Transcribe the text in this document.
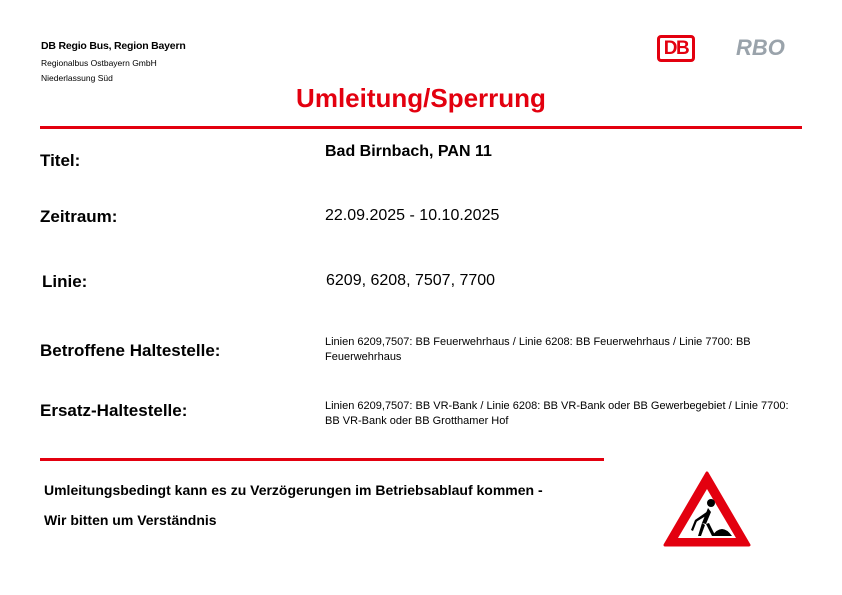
DB Regio Bus, Region Bayern
Regionalbus Ostbayern GmbH
Niederlassung Süd
DB	RBO
Umleitung/Sperrung
Titel:	Bad Birnbach, PAN 11
Zeitraum:	22.09.2025 - 10.10.2025
Linie:	6209, 6208, 7507, 7700
Betroffene Haltestelle:	Linien 6209,7507: BB Feuerwehrhaus / Linie 6208: BB Feuerwehrhaus / Linie 7700: BB Feuerwehrhaus
Ersatz-Haltestelle:	Linien 6209,7507: BB VR-Bank / Linie 6208: BB VR-Bank oder BB Gewerbegebiet / Linie 7700: BB VR-Bank oder BB Grotthamer Hof
Umleitungsbedingt kann es zu Verzögerungen im Betriebsablauf kommen -
Wir bitten um Verständnis
